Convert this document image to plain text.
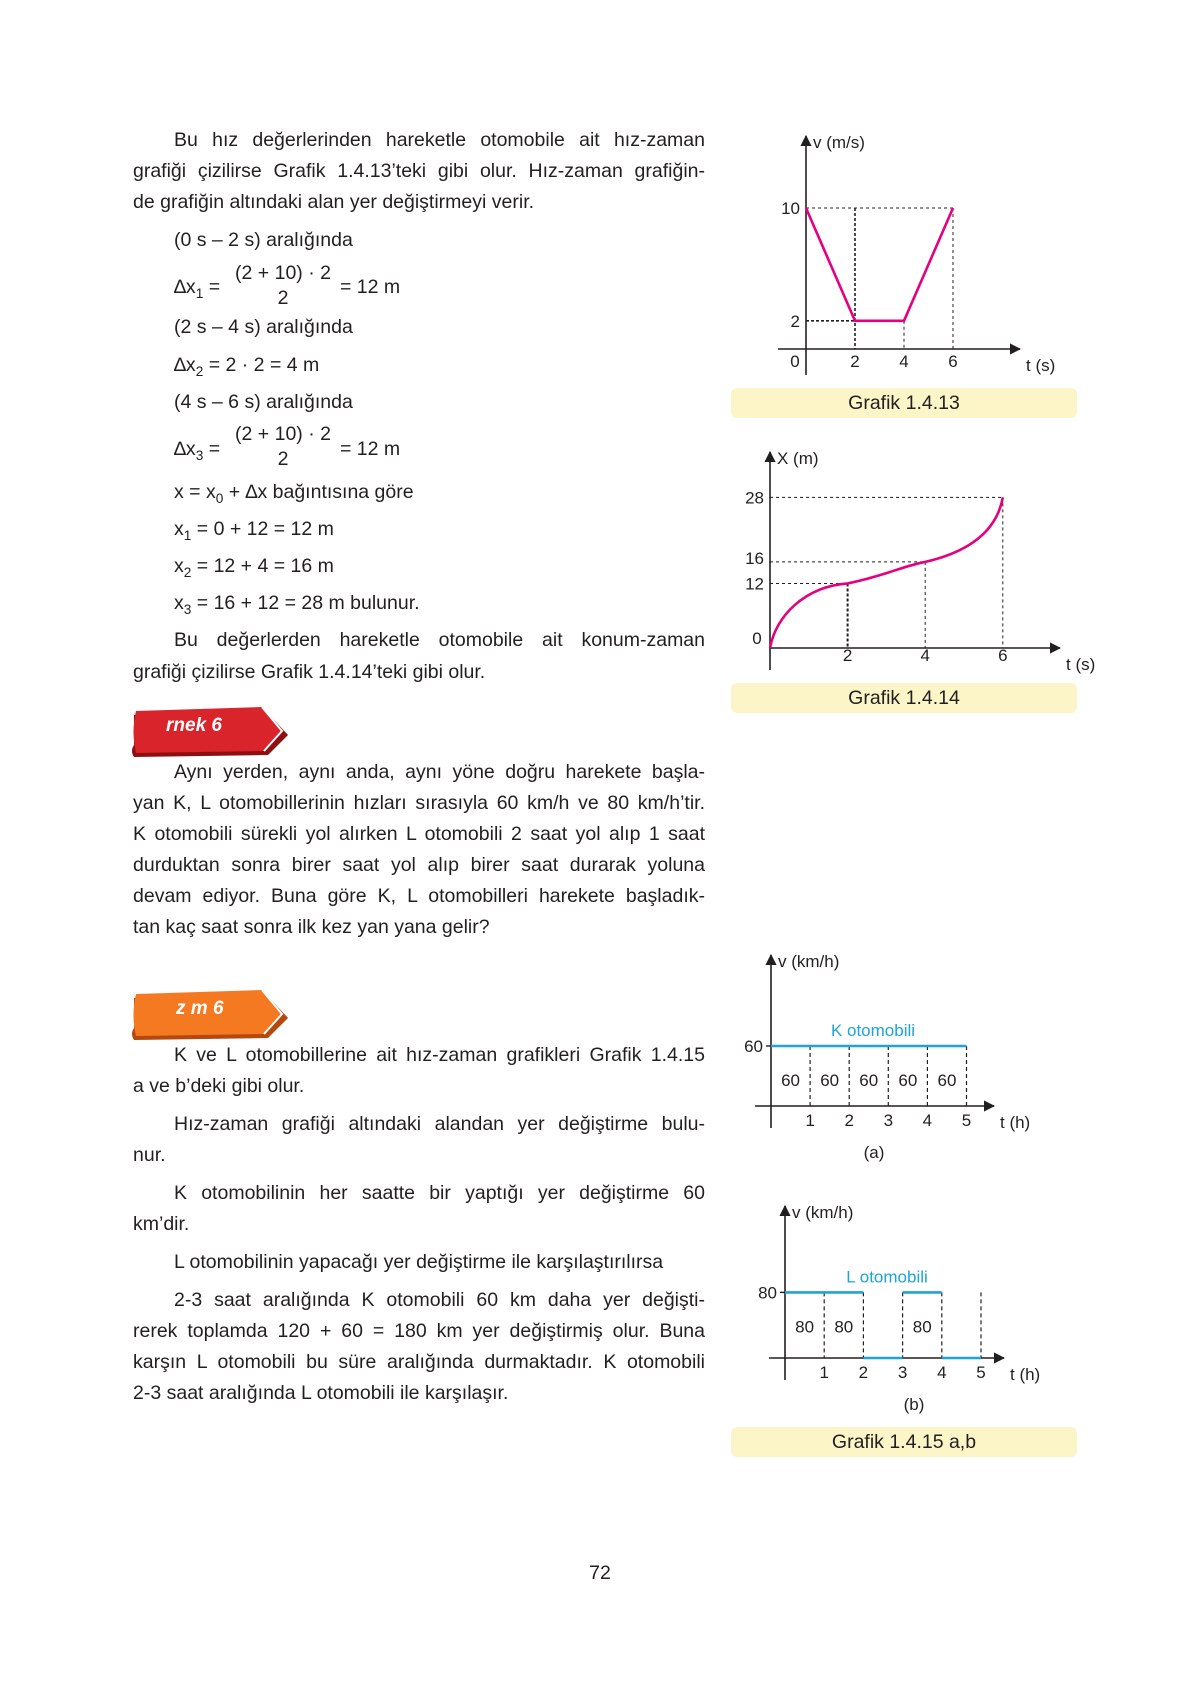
Bu hız değerlerinden hareketle otomobile ait hız-zaman
grafiği çizilirse Grafik 1.4.13’teki gibi olur. Hız-zaman grafiğin-
de grafiğin altındaki alan yer değiştirmeyi verir.
(0 s – 2 s) aralığında
$\Delta x_1$ =
(2 + 10) · 2
2	= 12 m
(2 s – 4 s) aralığında
$\Delta x_2 = 2 \cdot 2 = 4$ m
(4 s – 6 s) aralığında
$\Delta x_3$ =
(2 + 10) · 2
2	= 12 m
$x = x_0 + \Delta x$ bağıntısına göre
$x_1 = 0 + 12 = 12$ m
$x_2 = 12 + 4 = 16$ m
$x_3 = 16 + 12 = 28$ m bulunur.
Bu değerlerden hareketle otomobile ait konum-zaman
grafiği çizilirse Grafik 1.4.14’teki gibi olur.
rnek 6
Aynı yerden, aynı anda, aynı yöne doğru harekete başla-
yan K, L otomobillerinin hızları sırasıyla 60 km/h ve 80 km/h’tir.
K otomobili sürekli yol alırken L otomobili 2 saat yol alıp 1 saat
durduktan sonra birer saat yol alıp birer saat durarak yoluna
devam ediyor. Buna göre K, L otomobilleri harekete başladık-
tan kaç saat sonra ilk kez yan yana gelir?
z m 6
K ve L otomobillerine ait hız-zaman grafikleri Grafik 1.4.15
a ve b’deki gibi olur.
Hız-zaman grafiği altındaki alandan yer değiştirme bulu-
nur.
K otomobilinin her saatte bir yaptığı yer değiştirme 60
km’dir.
L otomobilinin yapacağı yer değiştirme ile karşılaştırılırsa
2-3 saat aralığında K otomobili 60 km daha yer değişti-
rerek toplamda 120 + 60 = 180 km yer değiştirmiş olur. Buna
karşın L otomobili bu süre aralığında durmaktadır. K otomobili
2-3 saat aralığında L otomobili ile karşılaşır.
v (m/s)
t (s)
0	2 4 6
2
10
X (m)
t (s)
0
2	4	6
12
16
28
v (km/h)
t (h)
60
K otomobili
60 60 60 60 60
1 2 3 4 5
(a)
v (km/h)
t (h)
80
L otomobili
80 80	80
1 2 3 4 5
(b)
Grafik 1.4.13
Grafik 1.4.14
Grafik 1.4.15 a,b
72
